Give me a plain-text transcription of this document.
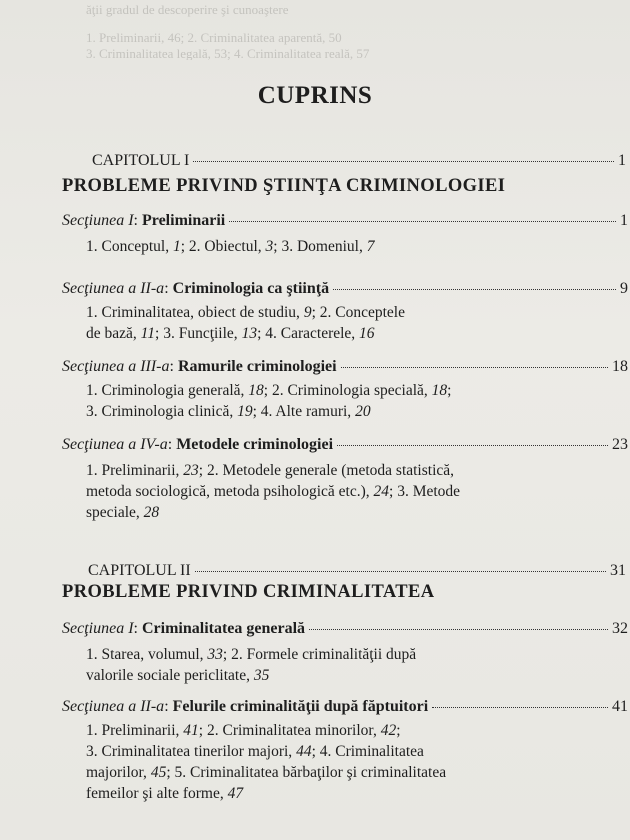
ăţii gradul de descoperire şi cunoaştere
1. Preliminarii, 46; 2. Criminalitatea aparentă, 50
3. Criminalitatea legală, 53; 4. Criminalitatea reală, 57
CUPRINS
CAPITOLUL I	1
PROBLEME PRIVIND ŞTIINŢA CRIMINOLOGIEI
Secţiunea I: Preliminarii	1
1. Conceptul, 1; 2. Obiectul, 3; 3. Domeniul, 7
Secţiunea a II-a: Criminologia ca ştiinţă	9
1. Criminalitatea, obiect de studiu, 9; 2. Conceptele
de bază, 11; 3. Funcţiile, 13; 4. Caracterele, 16
Secţiunea a III-a: Ramurile criminologiei	18
1. Criminologia generală, 18; 2. Criminologia specială, 18;
3. Criminologia clinică, 19; 4. Alte ramuri, 20
Secţiunea a IV-a: Metodele criminologiei	23
1. Preliminarii, 23; 2. Metodele generale (metoda statistică,
metoda sociologică, metoda psihologică etc.), 24; 3. Metode
speciale, 28
CAPITOLUL II	31
PROBLEME PRIVIND CRIMINALITATEA
Secţiunea I: Criminalitatea generală	32
1. Starea, volumul, 33; 2. Formele criminalităţii după
valorile sociale periclitate, 35
Secţiunea a II-a: Felurile criminalităţii după făptuitori	41
1. Preliminarii, 41; 2. Criminalitatea minorilor, 42;
3. Criminalitatea tinerilor majori, 44; 4. Criminalitatea
majorilor, 45; 5. Criminalitatea bărbaţilor şi criminalitatea
femeilor şi alte forme, 47
